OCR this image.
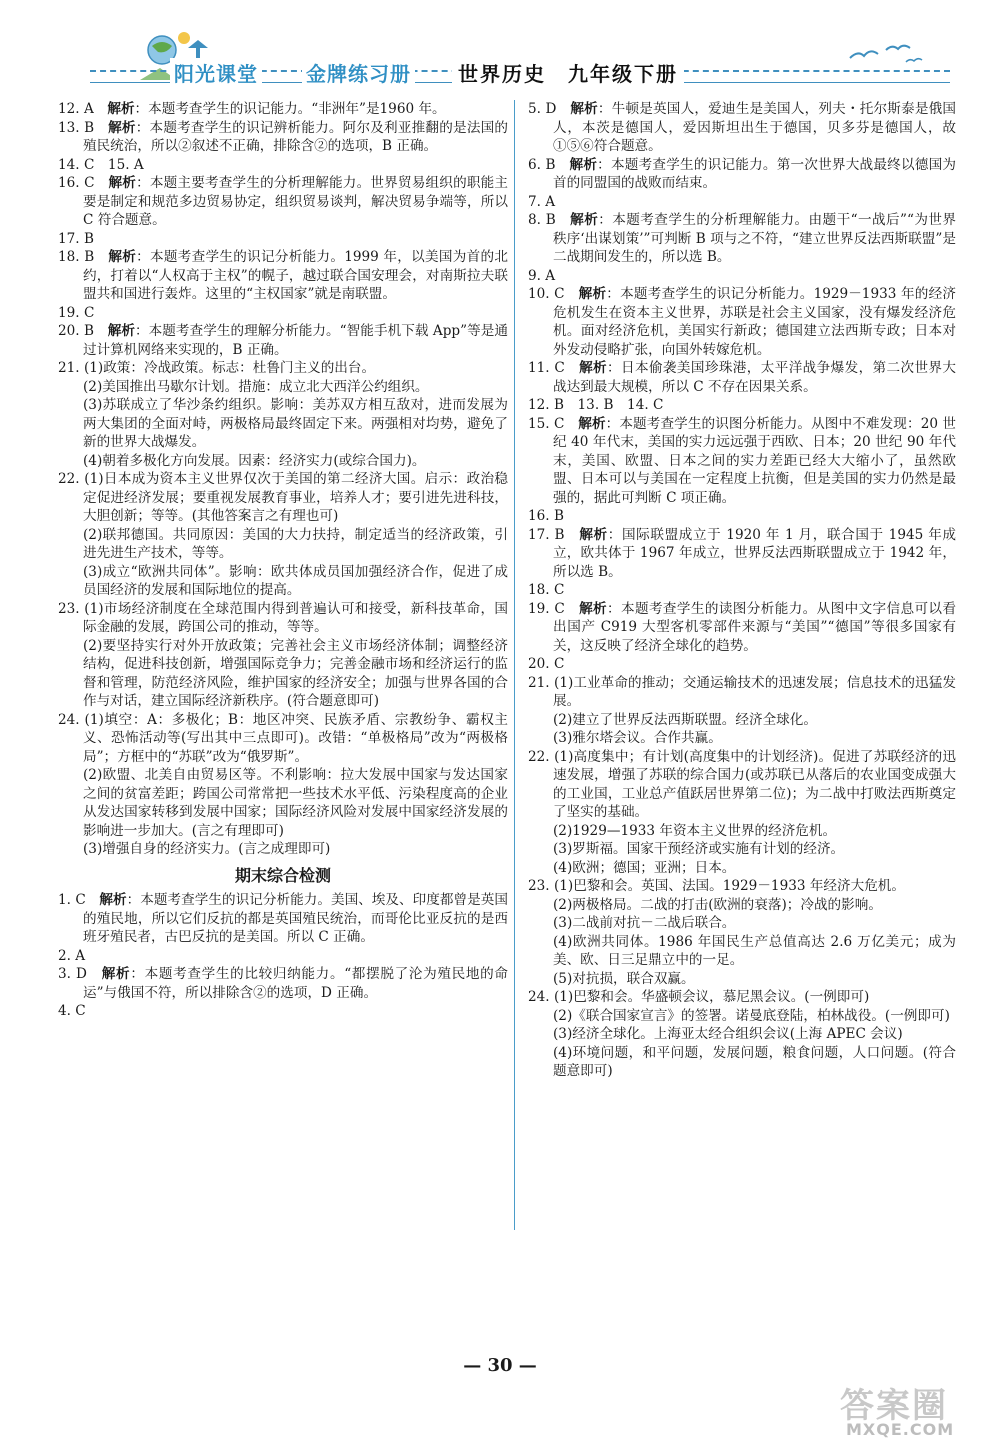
阳光课堂 金牌练习册	世界历史　九年级下册

12. A　解析：本题考查学生的识记能力。“非洲年”是1960 年。

13. B　解析：本题考查学生的识记辨析能力。阿尔及利亚推翻的是法国的殖民统治，所以②叙述不正确，排除含②的选项，B 正确。

14. C　15. A

16. C　解析：本题主要考查学生的分析理解能力。世界贸易组织的职能主要是制定和规范多边贸易协定，组织贸易谈判，解决贸易争端等，所以 C 符合题意。

17. B

18. B　解析：本题考查学生的识记分析能力。1999 年，以美国为首的北约，打着以“人权高于主权”的幌子，越过联合国安理会，对南斯拉夫联盟共和国进行轰炸。这里的“主权国家”就是南联盟。

19. C

20. B　解析：本题考查学生的理解分析能力。“智能手机下载 App”等是通过计算机网络来实现的，B 正确。

21. (1)政策：冷战政策。标志：杜鲁门主义的出台。

(2)美国推出马歇尔计划。措施：成立北大西洋公约组织。

(3)苏联成立了华沙条约组织。影响：美苏双方相互敌对，进而发展为两大集团的全面对峙，两极格局最终固定下来。两强相对均势，避免了新的世界大战爆发。

(4)朝着多极化方向发展。因素：经济实力(或综合国力)。

22. (1)日本成为资本主义世界仅次于美国的第二经济大国。启示：政治稳定促进经济发展；要重视发展教育事业，培养人才；要引进先进科技，大胆创新；等等。(其他答案言之有理也可)

(2)联邦德国。共同原因：美国的大力扶持，制定适当的经济政策，引进先进生产技术，等等。

(3)成立“欧洲共同体”。影响：欧共体成员国加强经济合作，促进了成员国经济的发展和国际地位的提高。

23. (1)市场经济制度在全球范围内得到普遍认可和接受，新科技革命，国际金融的发展，跨国公司的推动，等等。

(2)要坚持实行对外开放政策；完善社会主义市场经济体制；调整经济结构，促进科技创新，增强国际竞争力；完善金融市场和经济运行的监督和管理，防范经济风险，维护国家的经济安全；加强与世界各国的合作与对话，建立国际经济新秩序。(符合题意即可)

24. (1)填空：A：多极化；B：地区冲突、民族矛盾、宗教纷争、霸权主义、恐怖活动等(写出其中三点即可)。改错：“单极格局”改为“两极格局”；方框中的“苏联”改为“俄罗斯”。

(2)欧盟、北美自由贸易区等。不利影响：拉大发展中国家与发达国家之间的贫富差距；跨国公司常常把一些技术水平低、污染程度高的企业从发达国家转移到发展中国家；国际经济风险对发展中国家经济发展的影响进一步加大。(言之有理即可)

(3)增强自身的经济实力。(言之成理即可)

期末综合检测

1. C　解析：本题考查学生的识记分析能力。美国、埃及、印度都曾是英国的殖民地，所以它们反抗的都是英国殖民统治，而哥伦比亚反抗的是西班牙殖民者，古巴反抗的是美国。所以 C 正确。

2. A

3. D　解析：本题考查学生的比较归纳能力。“都摆脱了沦为殖民地的命运”与俄国不符，所以排除含②的选项，D 正确。

4. C

5. D　解析：牛顿是英国人，爱迪生是美国人，列夫・托尔斯泰是俄国人，本茨是德国人，爱因斯坦出生于德国，贝多芬是德国人，故①⑤⑥符合题意。

6. B　解析：本题考查学生的识记能力。第一次世界大战最终以德国为首的同盟国的战败而结束。

7. A

8. B　解析：本题考查学生的分析理解能力。由题干“一战后”“为世界秩序‘出谋划策’”可判断 B 项与之不符，“建立世界反法西斯联盟”是二战期间发生的，所以选 B。

9. A

10. C　解析：本题考查学生的识记分析能力。1929－1933 年的经济危机发生在资本主义世界，苏联是社会主义国家，没有爆发经济危机。面对经济危机，美国实行新政；德国建立法西斯专政；日本对外发动侵略扩张，向国外转嫁危机。

11. C　解析：日本偷袭美国珍珠港，太平洋战争爆发，第二次世界大战达到最大规模，所以 C 不存在因果关系。

12. B　13. B　14. C

15. C　解析：本题考查学生的识图分析能力。从图中不难发现：20 世纪 40 年代末，美国的实力远远强于西欧、日本；20 世纪 90 年代末，美国、欧盟、日本之间的实力差距已经大大缩小了，虽然欧盟、日本可以与美国在一定程度上抗衡，但是美国的实力仍然是最强的，据此可判断 C 项正确。

16. B

17. B　解析：国际联盟成立于 1920 年 1 月，联合国于 1945 年成立，欧共体于 1967 年成立，世界反法西斯联盟成立于 1942 年，所以选 B。

18. C

19. C　解析：本题考查学生的读图分析能力。从图中文字信息可以看出国产 C919 大型客机零部件来源与“美国”“德国”等很多国家有关，这反映了经济全球化的趋势。

20. C

21. (1)工业革命的推动；交通运输技术的迅速发展；信息技术的迅猛发展。

(2)建立了世界反法西斯联盟。经济全球化。

(3)雅尔塔会议。合作共赢。

22. (1)高度集中；有计划(高度集中的计划经济)。促进了苏联经济的迅速发展，增强了苏联的综合国力(或苏联已从落后的农业国变成强大的工业国，工业总产值跃居世界第二位)；为二战中打败法西斯奠定了坚实的基础。

(2)1929—1933 年资本主义世界的经济危机。

(3)罗斯福。国家干预经济或实施有计划的经济。

(4)欧洲；德国；亚洲；日本。

23. (1)巴黎和会。英国、法国。1929－1933 年经济大危机。

(2)两极格局。二战的打击(欧洲的衰落)；冷战的影响。

(3)二战前对抗－二战后联合。

(4)欧洲共同体。1986 年国民生产总值高达 2.6 万亿美元；成为美、欧、日三足鼎立中的一足。

(5)对抗损，联合双赢。

24. (1)巴黎和会。华盛顿会议，慕尼黑会议。(一例即可)

(2)《联合国家宣言》的签署。诺曼底登陆，柏林战役。(一例即可)

(3)经济全球化。上海亚太经合组织会议(上海 APEC 会议)

(4)环境问题，和平问题，发展问题，粮食问题，人口问题。(符合题意即可)

— 30 —
答案圈
MXQE.COM
